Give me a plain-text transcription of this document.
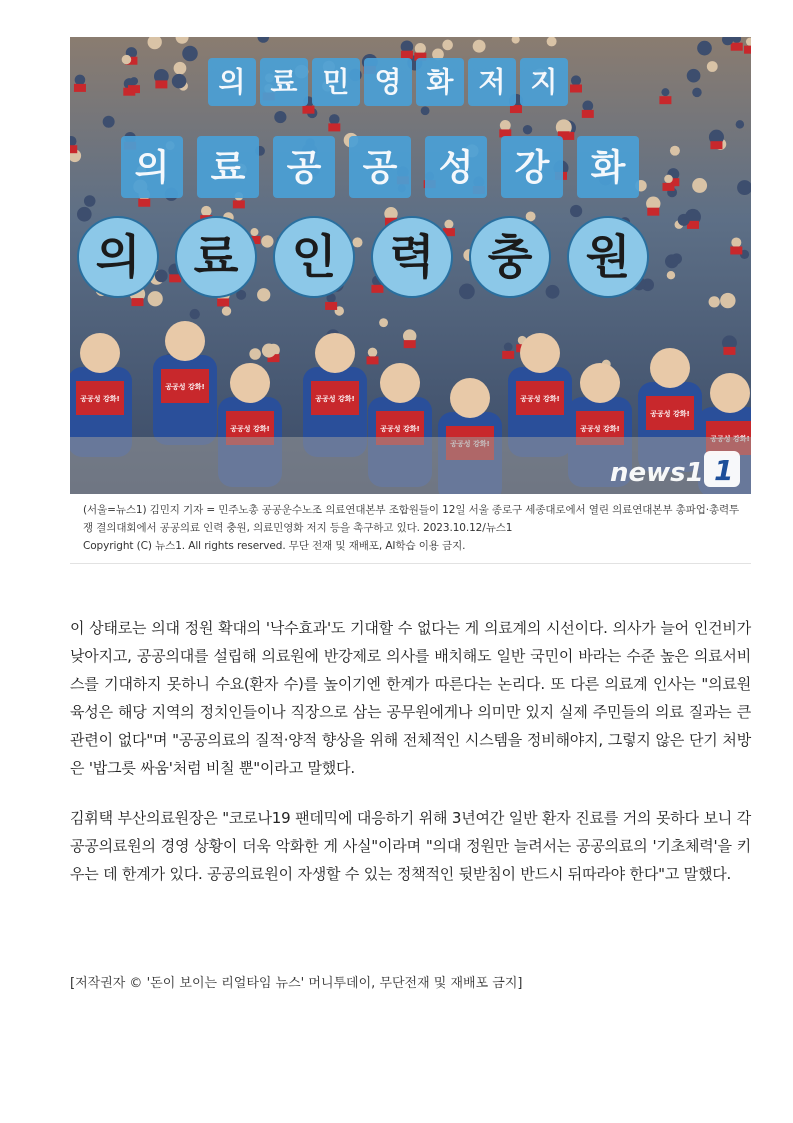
의 료 민 영 화 저 지
의 료 공 공 성 강 화
의 료 인 력 충 원
공공성 강화!
공공성 강화!
공공성 강화!
공공성 강화!
공공성 강화!
공공성 강화!
공공성 강화!
공공성 강화!
news1 1

(서울=뉴스1) 김민지 기자 = 민주노총 공공운수노조 의료연대본부 조합원들이 12일 서울 종로구 세종대로에서 열린 의료연대본부 총파업·총력투쟁 결의대회에서 공공의료 인력 충원, 의료민영화 저지 등을 촉구하고 있다. 2023.10.12/뉴스1

Copyright (C) 뉴스1. All rights reserved. 무단 전재 및 재배포, AI학습 이용 금지.

이 상태로는 의대 정원 확대의 '낙수효과'도 기대할 수 없다는 게 의료계의 시선이다. 의사가 늘어 인건비가 낮아지고, 공공의대를 설립해 의료원에 반강제로 의사를 배치해도 일반 국민이 바라는 수준 높은 의료서비스를 기대하지 못하니 수요(환자 수)를 높이기엔 한계가 따른다는 논리다. 또 다른 의료계 인사는 "의료원 육성은 해당 지역의 정치인들이나 직장으로 삼는 공무원에게나 의미만 있지 실제 주민들의 의료 질과는 큰 관련이 없다"며 "공공의료의 질적·양적 향상을 위해 전체적인 시스템을 정비해야지, 그렇지 않은 단기 처방은 '밥그릇 싸움'처럼 비칠 뿐"이라고 말했다.

김휘택 부산의료원장은 "코로나19 팬데믹에 대응하기 위해 3년여간 일반 환자 진료를 거의 못하다 보니 각 공공의료원의 경영 상황이 더욱 악화한 게 사실"이라며 "의대 정원만 늘려서는 공공의료의 '기초체력'을 키우는 데 한계가 있다. 공공의료원이 자생할 수 있는 정책적인 뒷받침이 반드시 뒤따라야 한다"고 말했다.

[저작권자 © '돈이 보이는 리얼타임 뉴스' 머니투데이, 무단전재 및 재배포 금지]
